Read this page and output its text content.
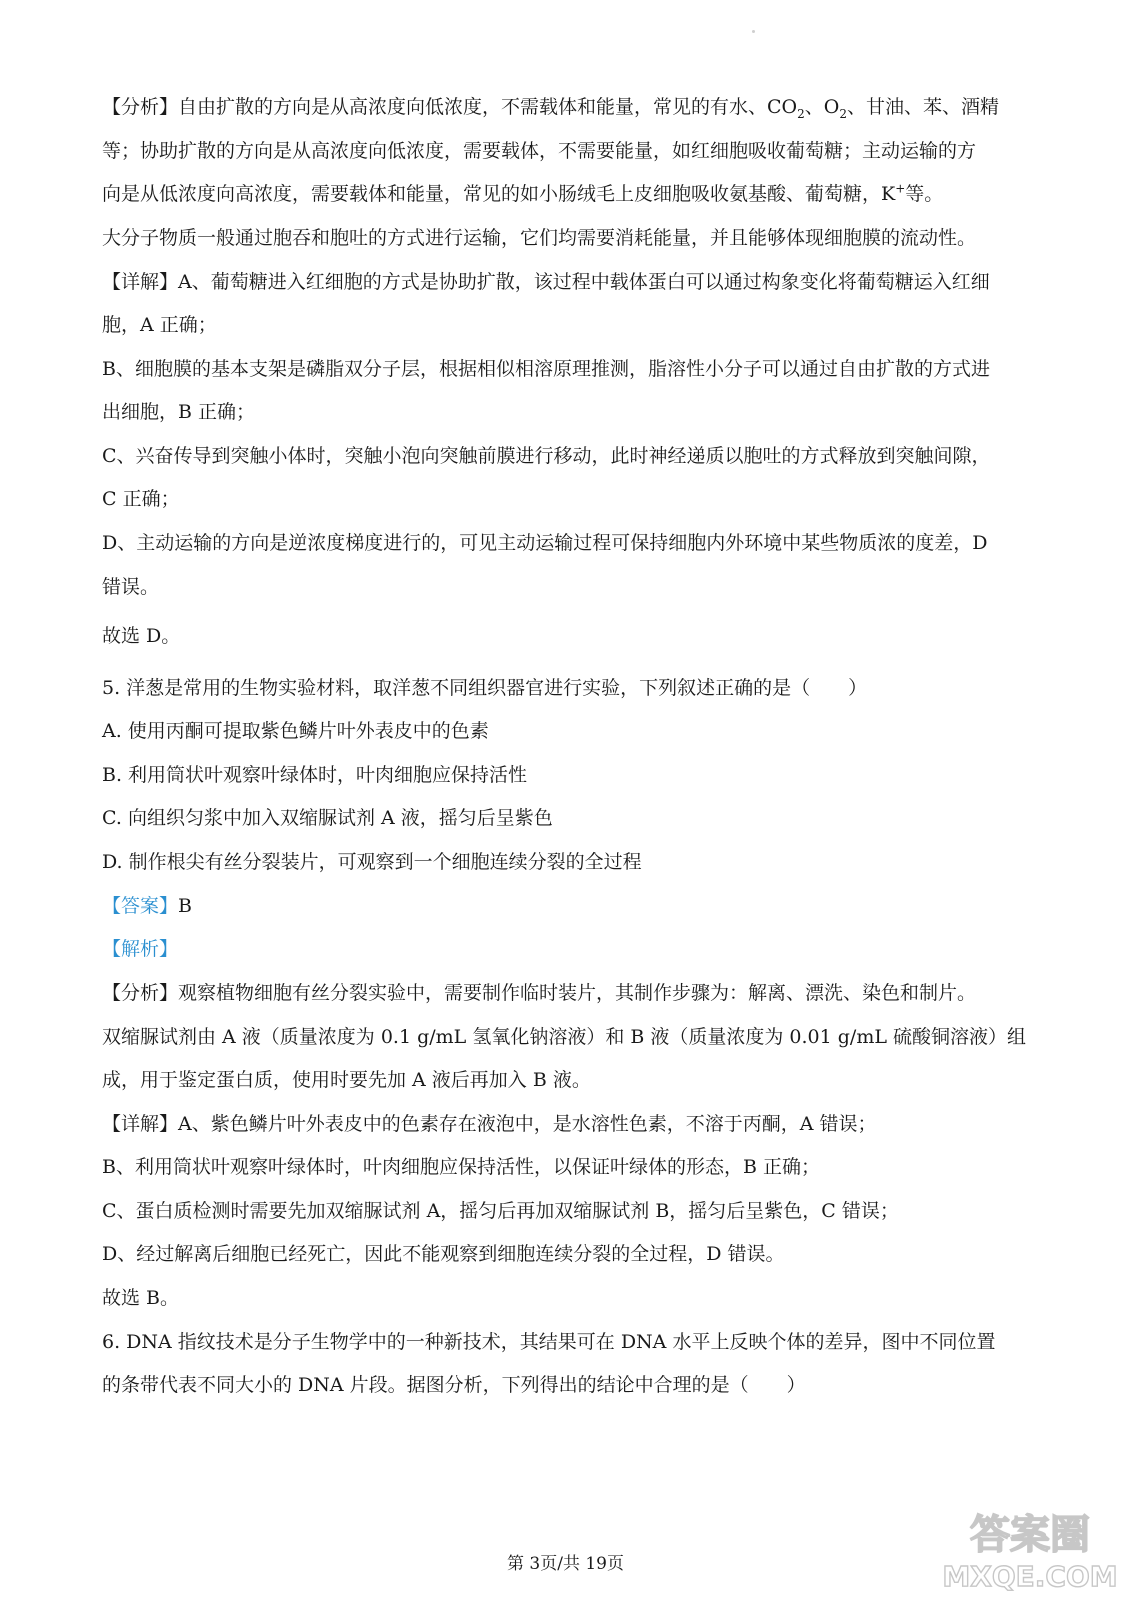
【分析】自由扩散的方向是从高浓度向低浓度，不需载体和能量，常见的有水、$CO_2$、$O_2$、甘油、苯、酒精

等；协助扩散的方向是从高浓度向低浓度，需要载体，不需要能量，如红细胞吸收葡萄糖；主动运输的方

向是从低浓度向高浓度，需要载体和能量，常见的如小肠绒毛上皮细胞吸收氨基酸、葡萄糖，K+等。

大分子物质一般通过胞吞和胞吐的方式进行运输，它们均需要消耗能量，并且能够体现细胞膜的流动性。

【详解】A、葡萄糖进入红细胞的方式是协助扩散，该过程中载体蛋白可以通过构象变化将葡萄糖运入红细

胞，A 正确；

B、细胞膜的基本支架是磷脂双分子层，根据相似相溶原理推测，脂溶性小分子可以通过自由扩散的方式进

出细胞，B 正确；

C、兴奋传导到突触小体时，突触小泡向突触前膜进行移动，此时神经递质以胞吐的方式释放到突触间隙，

C 正确；

D、主动运输的方向是逆浓度梯度进行的，可见主动运输过程可保持细胞内外环境中某些物质浓的度差，D

错误。

故选 D。

5. 洋葱是常用的生物实验材料，取洋葱不同组织器官进行实验，下列叙述正确的是（　　）

A. 使用丙酮可提取紫色鳞片叶外表皮中的色素

B. 利用筒状叶观察叶绿体时，叶肉细胞应保持活性

C. 向组织匀浆中加入双缩脲试剂 A 液，摇匀后呈紫色

D. 制作根尖有丝分裂装片，可观察到一个细胞连续分裂的全过程

【答案】B

【解析】

【分析】观察植物细胞有丝分裂实验中，需要制作临时装片，其制作步骤为：解离、漂洗、染色和制片。

双缩脲试剂由 A 液（质量浓度为 0.1 g/mL 氢氧化钠溶液）和 B 液（质量浓度为 0.01 g/mL 硫酸铜溶液）组

成，用于鉴定蛋白质，使用时要先加 A 液后再加入 B 液。

【详解】A、紫色鳞片叶外表皮中的色素存在液泡中，是水溶性色素，不溶于丙酮，A 错误；

B、利用筒状叶观察叶绿体时，叶肉细胞应保持活性，以保证叶绿体的形态，B 正确；

C、蛋白质检测时需要先加双缩脲试剂 A，摇匀后再加双缩脲试剂 B，摇匀后呈紫色，C 错误；

D、经过解离后细胞已经死亡，因此不能观察到细胞连续分裂的全过程，D 错误。

故选 B。

6. DNA 指纹技术是分子生物学中的一种新技术，其结果可在 DNA 水平上反映个体的差异，图中不同位置

的条带代表不同大小的 DNA 片段。据图分析，下列得出的结论中合理的是（　　）

第 3页/共 19页
答案圈
MXQE.COM
